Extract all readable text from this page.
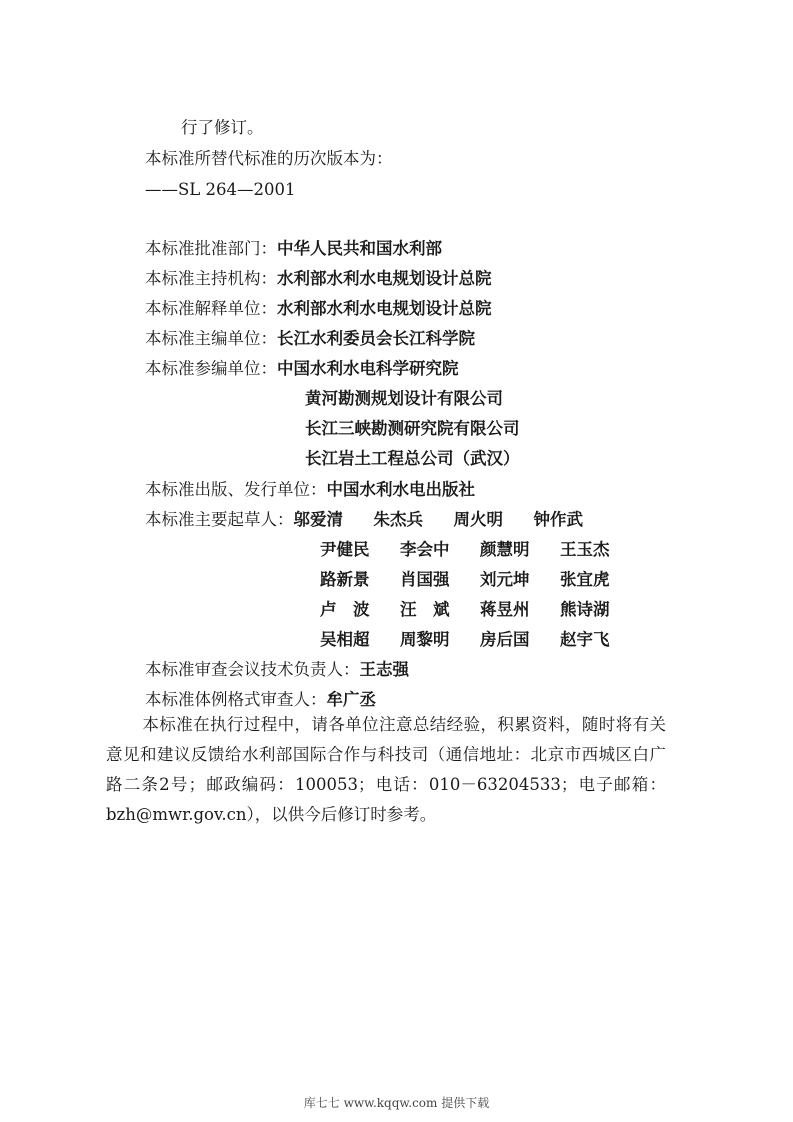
行了修订。
本标准所替代标准的历次版本为：
——SL 264—2001
本标准批准部门：中华人民共和国水利部
本标准主持机构：水利部水利水电规划设计总院
本标准解释单位：水利部水利水电规划设计总院
本标准主编单位：长江水利委员会长江科学院
本标准参编单位：中国水利水电科学研究院
黄河勘测规划设计有限公司
长江三峡勘测研究院有限公司
长江岩土工程总公司（武汉）
本标准出版、发行单位：中国水利水电出版社
本标准主要起草人：邬爱清 朱杰兵 周火明 钟作武
尹健民 李会中 颜慧明 王玉杰
路新景 肖国强 刘元坤 张宜虎
卢　波 汪　斌 蒋昱州 熊诗湖
吴相超 周黎明 房后国 赵宇飞
本标准审查会议技术负责人：王志强
本标准体例格式审查人：牟广丞
本标准在执行过程中，请各单位注意总结经验，积累资料，随时将有关意见和建议反馈给水利部国际合作与科技司（通信地址：北京市西城区白广路二条2号；邮政编码：100053；电话：010－63204533；电子邮箱：bzh@mwr.gov.cn），以供今后修订时参考。
库七七 www.kqqw.com 提供下载
